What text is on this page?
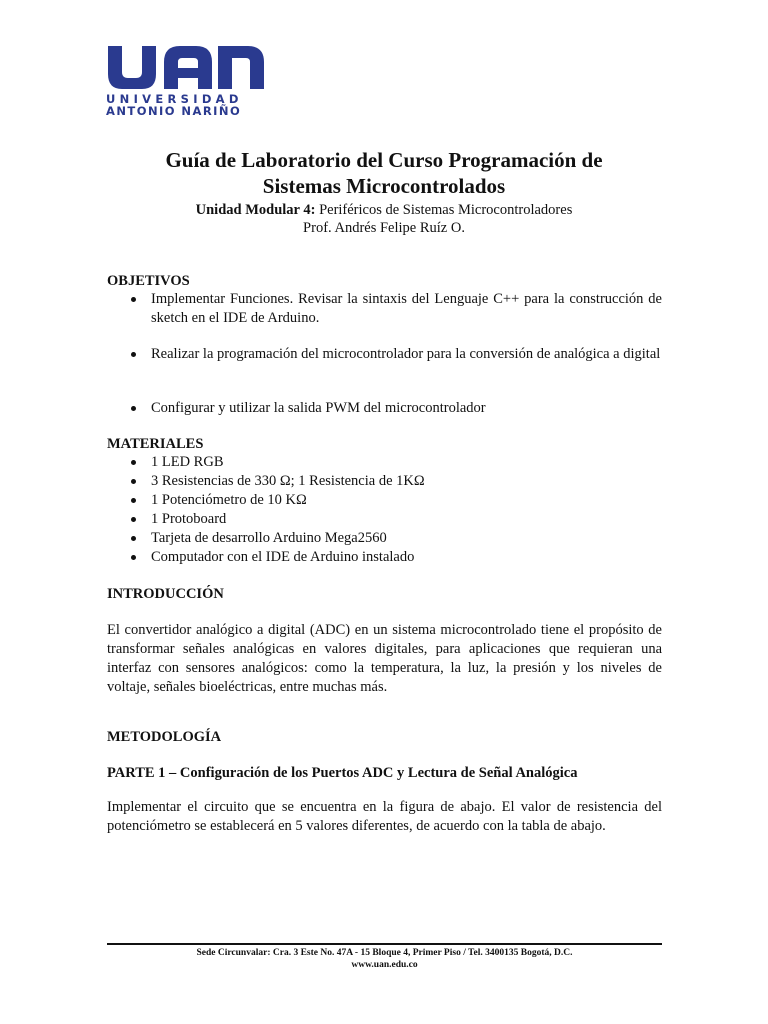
UNIVERSIDAD
ANTONIO NARIÑO
Guía de Laboratorio del Curso Programación de
Sistemas Microcontrolados
Unidad Modular 4: Periféricos de Sistemas Microcontroladores
Prof. Andrés Felipe Ruíz O.
OBJETIVOS
Implementar Funciones. Revisar la sintaxis del Lenguaje C++ para la construcción de sketch en el IDE de Arduino.
Realizar la programación del microcontrolador para la conversión de analógica a digital
Configurar y utilizar la salida PWM del microcontrolador
MATERIALES
1 LED RGB
3 Resistencias de 330 Ω; 1 Resistencia de 1KΩ
1 Potenciómetro de 10 KΩ
1 Protoboard
Tarjeta de desarrollo Arduino Mega2560
Computador con el IDE de Arduino instalado
INTRODUCCIÓN
El convertidor analógico a digital (ADC) en un sistema microcontrolado tiene el propósito de transformar señales analógicas en valores digitales, para aplicaciones que requieran una interfaz con sensores analógicos: como la temperatura, la luz, la presión y los niveles de voltaje, señales bioeléctricas, entre muchas más.
METODOLOGÍA
PARTE 1 – Configuración de los Puertos ADC y Lectura de Señal Analógica
Implementar el circuito que se encuentra en la figura de abajo. El valor de resistencia del potenciómetro se establecerá en 5 valores diferentes, de acuerdo con la tabla de abajo.
Sede Circunvalar: Cra. 3 Este No. 47A - 15 Bloque 4, Primer Piso / Tel. 3400135 Bogotá, D.C.
www.uan.edu.co
